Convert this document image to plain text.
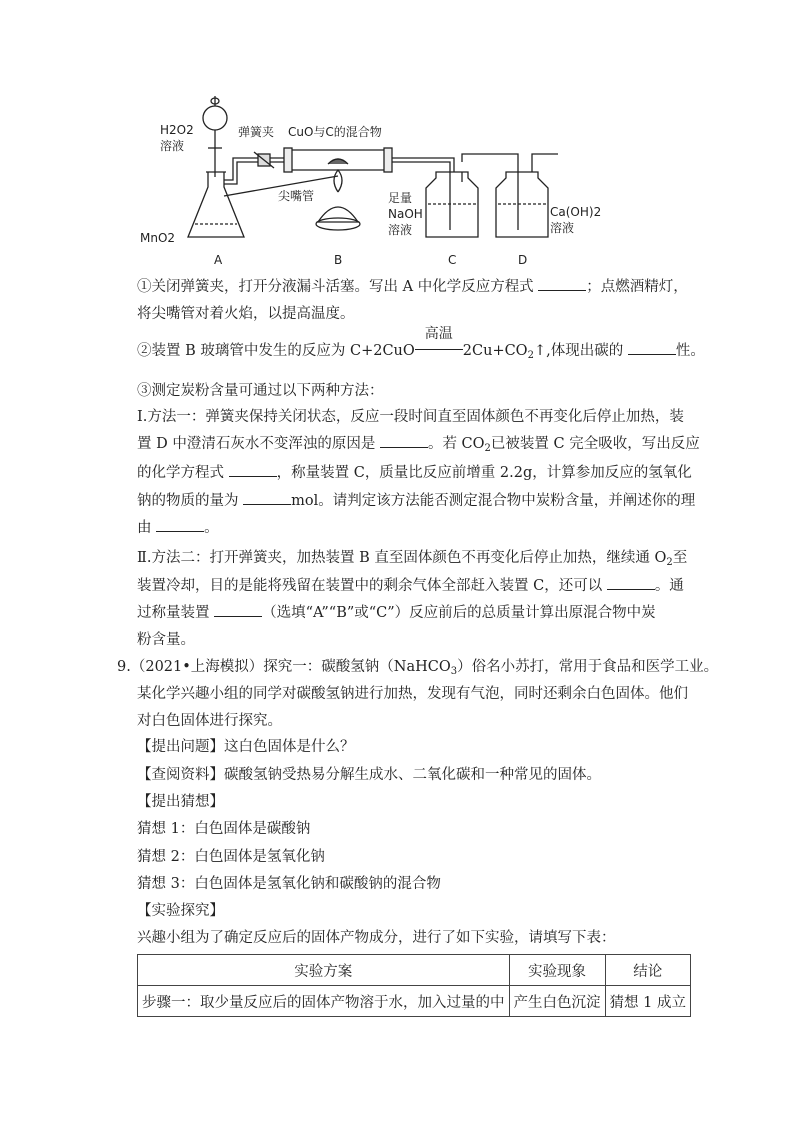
H2O2
溶液
弹簧夹 CuO与C的混合物
尖嘴管
MnO2
足量
NaOH
溶液
Ca(OH)2
溶液
A	B	C	D
①关闭弹簧夹，打开分液漏斗活塞。写出 A 中化学反应方程式	；点燃酒精灯，
将尖嘴管对着火焰，以提高温度。
②装置 B 玻璃管中发生的反应为 C+2CuO
高温
$2Cu+CO_2↑$,体现出碳的	性。
③测定炭粉含量可通过以下两种方法：
Ⅰ.方法一：弹簧夹保持关闭状态，反应一段时间直至固体颜色不再变化后停止加热，装
置 D 中澄清石灰水不变浑浊的原因是	。若 $CO_2$已被装置 C 完全吸收，写出反应
的化学方程式	，称量装置 C，质量比反应前增重 2.2g，计算参加反应的氢氧化
钠的物质的量为	mol。请判定该方法能否测定混合物中炭粉含量，并阐述你的理
由	。
Ⅱ.方法二：打开弹簧夹，加热装置 B 直至固体颜色不再变化后停止加热，继续通 $O_2$至
装置冷却，目的是能将残留在装置中的剩余气体全部赶入装置 C，还可以	。通
过称量装置	（选填“A”“B”或“C”）反应前后的总质量计算出原混合物中炭
粉含量。
9.（2021•上海模拟）探究一：碳酸氢钠（NaHCO$_3$）俗名小苏打，常用于食品和医学工业。
某化学兴趣小组的同学对碳酸氢钠进行加热，发现有气泡，同时还剩余白色固体。他们
对白色固体进行探究。
【提出问题】这白色固体是什么？
【查阅资料】碳酸氢钠受热易分解生成水、二氧化碳和一种常见的固体。
【提出猜想】
猜想 1：白色固体是碳酸钠
猜想 2：白色固体是氢氧化钠
猜想 3：白色固体是氢氧化钠和碳酸钠的混合物
【实验探究】
兴趣小组为了确定反应后的固体产物成分，进行了如下实验，请填写下表：
实验方案	实验现象	结论
步骤一：取少量反应后的固体产物溶于水，加入过量的中	产生白色沉淀	猜想 1 成立
